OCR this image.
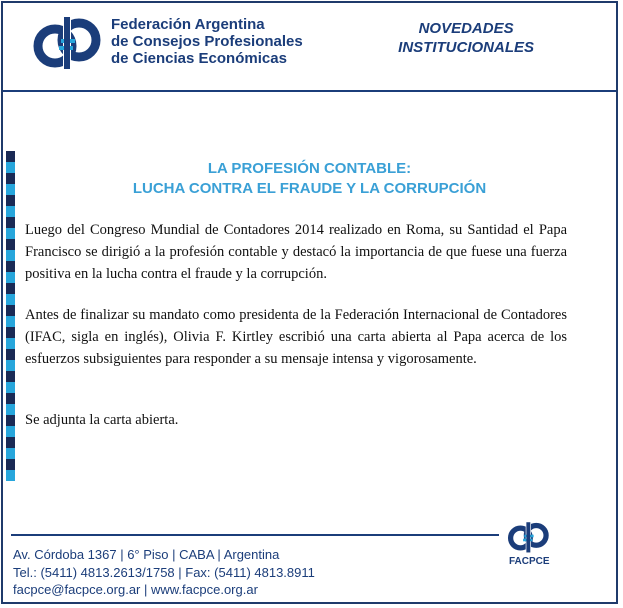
Federación Argentina
de Consejos Profesionales
de Ciencias Económicas
NOVEDADES
INSTITUCIONALES
LA PROFESIÓN CONTABLE:
LUCHA CONTRA EL FRAUDE Y LA CORRUPCIÓN
Luego del Congreso Mundial de Contadores 2014 realizado en Roma, su Santidad el Papa Francisco se dirigió a la profesión contable y destacó la importancia de que fuese una fuerza positiva en la lucha contra el fraude y la corrupción.
Antes de finalizar su mandato como presidenta de la Federación Internacional de Contadores (IFAC, sigla en inglés), Olivia F. Kirtley escribió una carta abierta al Papa acerca de los esfuerzos subsiguientes para responder a su mensaje intensa y vigorosamente.
Se adjunta la carta abierta.
Av. Córdoba 1367 | 6° Piso | CABA | Argentina
Tel.: (5411) 4813.2613/1758 | Fax: (5411) 4813.8911
facpce@facpce.org.ar | www.facpce.org.ar
FACPCE
